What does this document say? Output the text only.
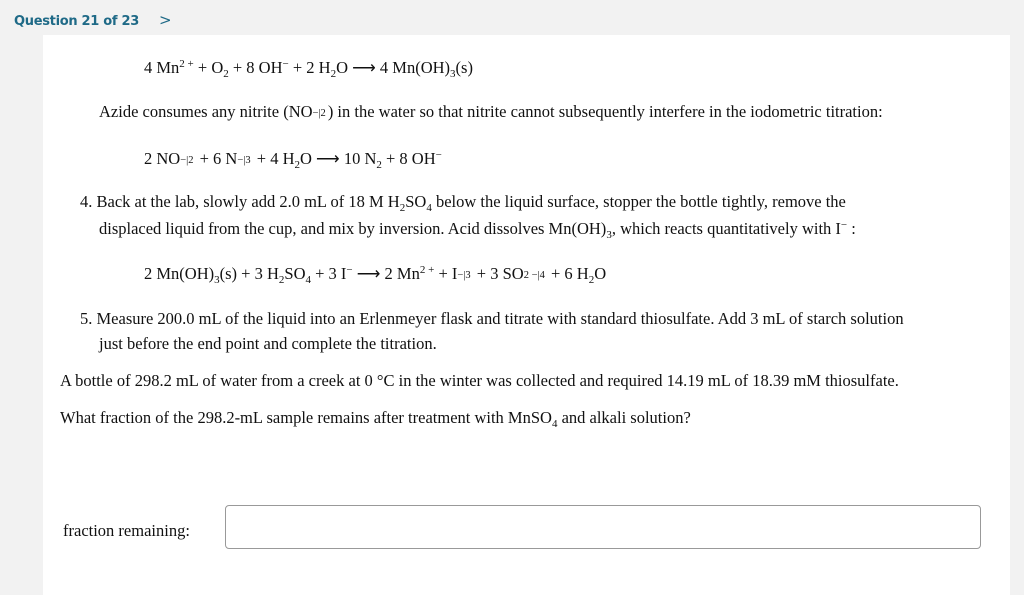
Question 21 of 23 >
4 $Mn^{2 +} + O_2 + 8$ OH− + 2 $H_2O$ ⟶ 4 $Mn(OH)_3(s)$
Azide consumes any nitrite (NO−|2 ) in the water so that nitrite cannot subsequently interfere in the iodometric titration:
2 NO−|2 + 6 N−|3 + 4 $H_2O$ ⟶ 10 $N_2 + 8$ OH−
4. Back at the lab, slowly add 2.0 mL of 18 M $H_2SO_4$ below the liquid surface, stopper the bottle tightly, remove the
displaced liquid from the cup, and mix by inversion. Acid dissolves $Mn(OH)_3$, which reacts quantitatively with I− :
2 $Mn(OH)_3(s) + 3$ $H_2SO_4 + 3$ I− ⟶ 2 $Mn^{2 +} + I-|3 + 3$ SO2 −|4 + 6 $H_2O$
5. Measure 200.0 mL of the liquid into an Erlenmeyer flask and titrate with standard thiosulfate. Add 3 mL of starch solution
just before the end point and complete the titration.
A bottle of 298.2 mL of water from a creek at 0 °C in the winter was collected and required 14.19 mL of 18.39 mM thiosulfate.
What fraction of the 298.2-mL sample remains after treatment with MnSO$_4$ and alkali solution?
fraction remaining:
